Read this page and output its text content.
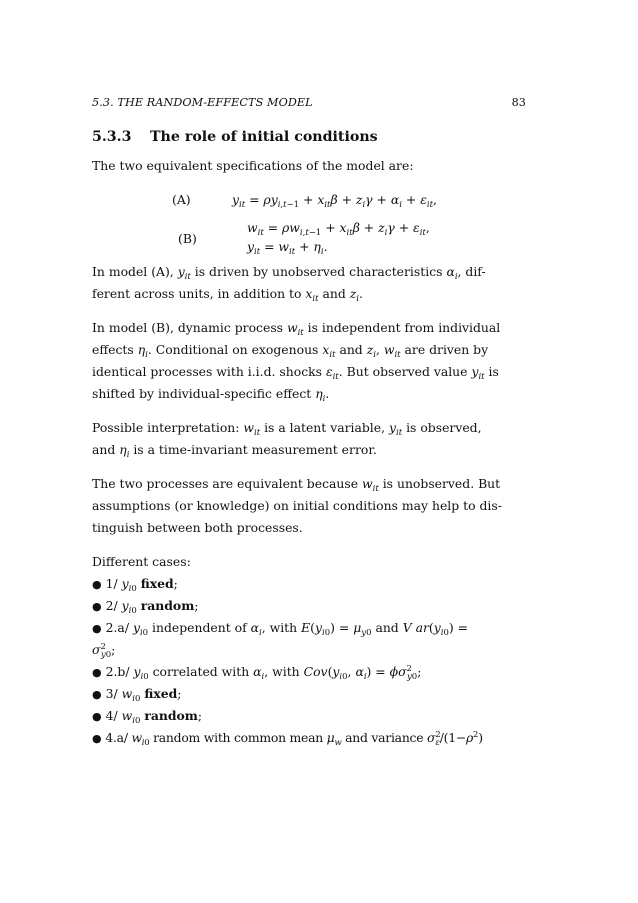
5.3. THE RANDOM-EFFECTS MODEL	83
5.3.3 The role of initial conditions
The two equivalent specifications of the model are:
(A)	$y_{it} = \rho y_{i,t-1} + x_{it}\beta + z_i\gamma + \alpha_i + \varepsilon_{it}$,
(B)
$w_{it} = \rho w_{i,t-1} + x_{it}\beta + z_i\gamma + \varepsilon_{it}$,
$y_{it} = w_{it} + \eta_i$.
In model (A), $y_{it}$ is driven by unobserved characteristics $\alpha_i$, dif-
ferent across units, in addition to $x_{it}$ and $z_i$.
In model (B), dynamic process $w_{it}$ is independent from individual
effects $\eta_i$. Conditional on exogenous $x_{it}$ and $z_i$, $w_{it}$ are driven by
identical processes with i.i.d. shocks $\varepsilon_{it}$. But observed value $y_{it}$ is
shifted by individual-specific effect $\eta_i$.
Possible interpretation: $w_{it}$ is a latent variable, $y_{it}$ is observed,
and $\eta_i$ is a time-invariant measurement error.
The two processes are equivalent because $w_{it}$ is unobserved. But
assumptions (or knowledge) on initial conditions may help to dis-
tinguish between both processes.
Different cases:
● 1/ $y_{i0}$ fixed;
● 2/ $y_{i0}$ random;
● 2.a/ $y_{i0}$ independent of $\alpha_i$, with $E(y_{i0}) = \mu_{y0}$ and V $ar(y_{i0})$ =
$\sigma^2_{y0}$;
● 2.b/ $y_{i0}$ correlated with $\alpha_i$, with $Cov(y_{i0}$, $\alpha_i) = \phi\sigma^2_{y0}$;
● 3/ $w_{i0}$ fixed;
● 4/ $w_{i0}$ random;
● 4.a/ $w_{i0}$ random with common mean $\mu_w$ and variance $\sigma^2_\varepsilon/(1-\rho^2)$
